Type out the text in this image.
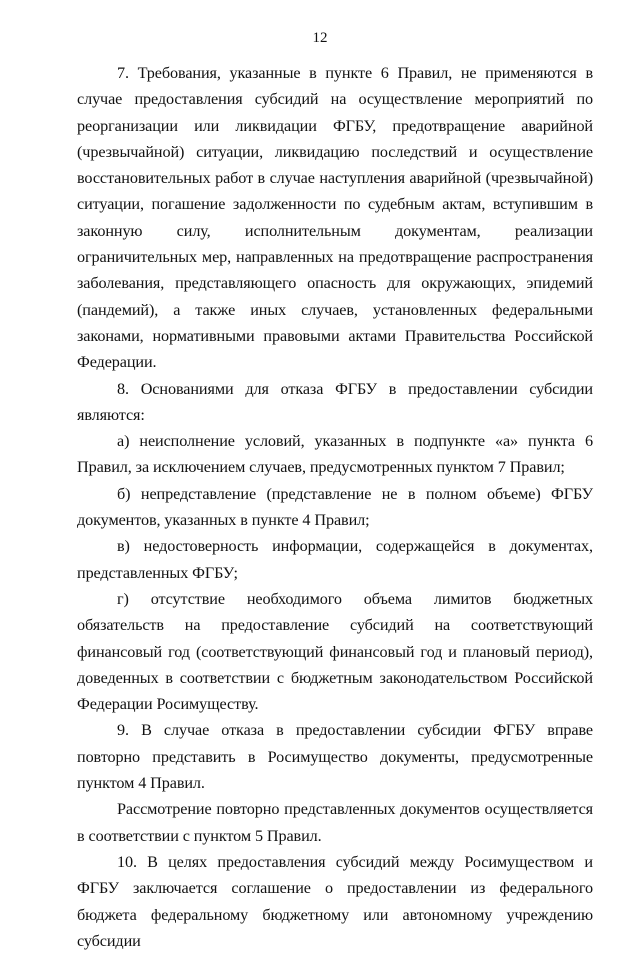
12

7. Требования, указанные в пункте 6 Правил, не применяются в случае предоставления субсидий на осуществление мероприятий по реорганизации или ликвидации ФГБУ, предотвращение аварийной (чрезвычайной) ситуации, ликвидацию последствий и осуществление восстановительных работ в случае наступления аварийной (чрезвычайной) ситуации, погашение задолженности по судебным актам, вступившим в законную силу, исполнительным документам, реализации ограничительных мер, направленных на предотвращение распространения заболевания, представляющего опасность для окружающих, эпидемий (пандемий), а также иных случаев, установленных федеральными законами, нормативными правовыми актами Правительства Российской Федерации.

8. Основаниями для отказа ФГБУ в предоставлении субсидии являются:

а) неисполнение условий, указанных в подпункте «а» пункта 6 Правил, за исключением случаев, предусмотренных пунктом 7 Правил;

б) непредставление (представление не в полном объеме) ФГБУ документов, указанных в пункте 4 Правил;

в) недостоверность информации, содержащейся в документах, представленных ФГБУ;

г) отсутствие необходимого объема лимитов бюджетных обязательств на предоставление субсидий на соответствующий финансовый год (соответствующий финансовый год и плановый период), доведенных в соответствии с бюджетным законодательством Российской Федерации Росимуществу.

9. В случае отказа в предоставлении субсидии ФГБУ вправе повторно представить в Росимущество документы, предусмотренные пунктом 4 Правил.

Рассмотрение повторно представленных документов осуществляется в соответствии с пунктом 5 Правил.

10. В целях предоставления субсидий между Росимуществом и ФГБУ заключается соглашение о предоставлении из федерального бюджета федеральному бюджетному или автономному учреждению субсидии
